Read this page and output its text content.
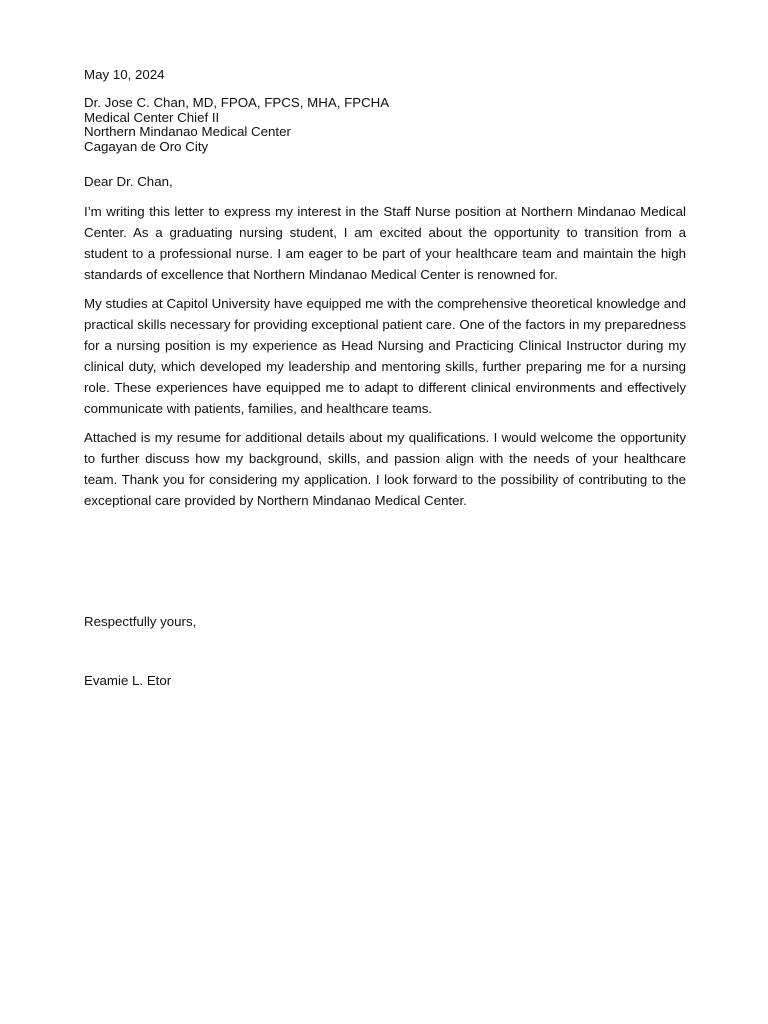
May 10, 2024
Dr. Jose C. Chan, MD, FPOA, FPCS, MHA, FPCHA
Medical Center Chief II
Northern Mindanao Medical Center
Cagayan de Oro City
Dear Dr. Chan,

I’m writing this letter to express my interest in the Staff Nurse position at Northern Mindanao Medical Center. As a graduating nursing student, I am excited about the opportunity to transition from a student to a professional nurse. I am eager to be part of your healthcare team and maintain the high standards of excellence that Northern Mindanao Medical Center is renowned for.

My studies at Capitol University have equipped me with the comprehensive theoretical knowledge and practical skills necessary for providing exceptional patient care. One of the factors in my preparedness for a nursing position is my experience as Head Nursing and Practicing Clinical Instructor during my clinical duty, which developed my leadership and mentoring skills, further preparing me for a nursing role. These experiences have equipped me to adapt to different clinical environments and effectively communicate with patients, families, and healthcare teams.

Attached is my resume for additional details about my qualifications. I would welcome the opportunity to further discuss how my background, skills, and passion align with the needs of your healthcare team. Thank you for considering my application. I look forward to the possibility of contributing to the exceptional care provided by Northern Mindanao Medical Center.

Respectfully yours,
Evamie L. Etor
